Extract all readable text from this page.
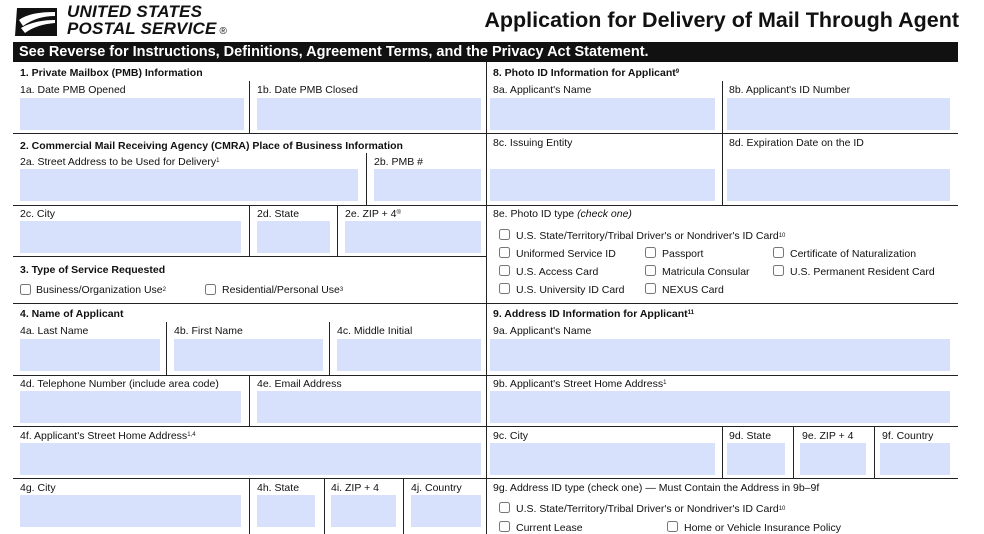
UNITED STATES
POSTAL SERVICE ®	Application for Delivery of Mail Through Agent
See Reverse for Instructions, Definitions, Agreement Terms, and the Privacy Act Statement.
1. Private Mailbox (PMB) Information
1a. Date PMB Opened	1b. Date PMB Closed
2. Commercial Mail Receiving Agency (CMRA) Place of Business Information
2a. Street Address to be Used for Delivery$^1$	2b. PMB #
2c. City	2d. State	2e. ZIP + 4®
3. Type of Service Requested
Business/Organization Use$^2$	Residential/Personal Use$^3$
4. Name of Applicant
4a. Last Name	4b. First Name	4c. Middle Initial
4d. Telephone Number (include area code)	4e. Email Address
4f. Applicant's Street Home Address$^{1,4}$
4g. City	4h. State	4i. ZIP + 4	4j. Country
8. Photo ID Information for Applicant$^9$
8a. Applicant's Name	8b. Applicant's ID Number
8c. Issuing Entity	8d. Expiration Date on the ID
8e. Photo ID type (check one)
U.S. State/Territory/Tribal Driver's or Nondriver's ID Card$^{10}$
Uniformed Service ID	Passport	Certificate of Naturalization
U.S. Access Card	Matricula Consular	U.S. Permanent Resident Card
U.S. University ID Card	NEXUS Card
9. Address ID Information for Applicant$^{11}$
9a. Applicant's Name
9b. Applicant's Street Home Address$^1$
9c. City	9d. State	9e. ZIP + 4	9f. Country
9g. Address ID type (check one) — Must Contain the Address in 9b–9f
U.S. State/Territory/Tribal Driver's or Nondriver's ID Card$^{10}$
Current Lease	Home or Vehicle Insurance Policy
